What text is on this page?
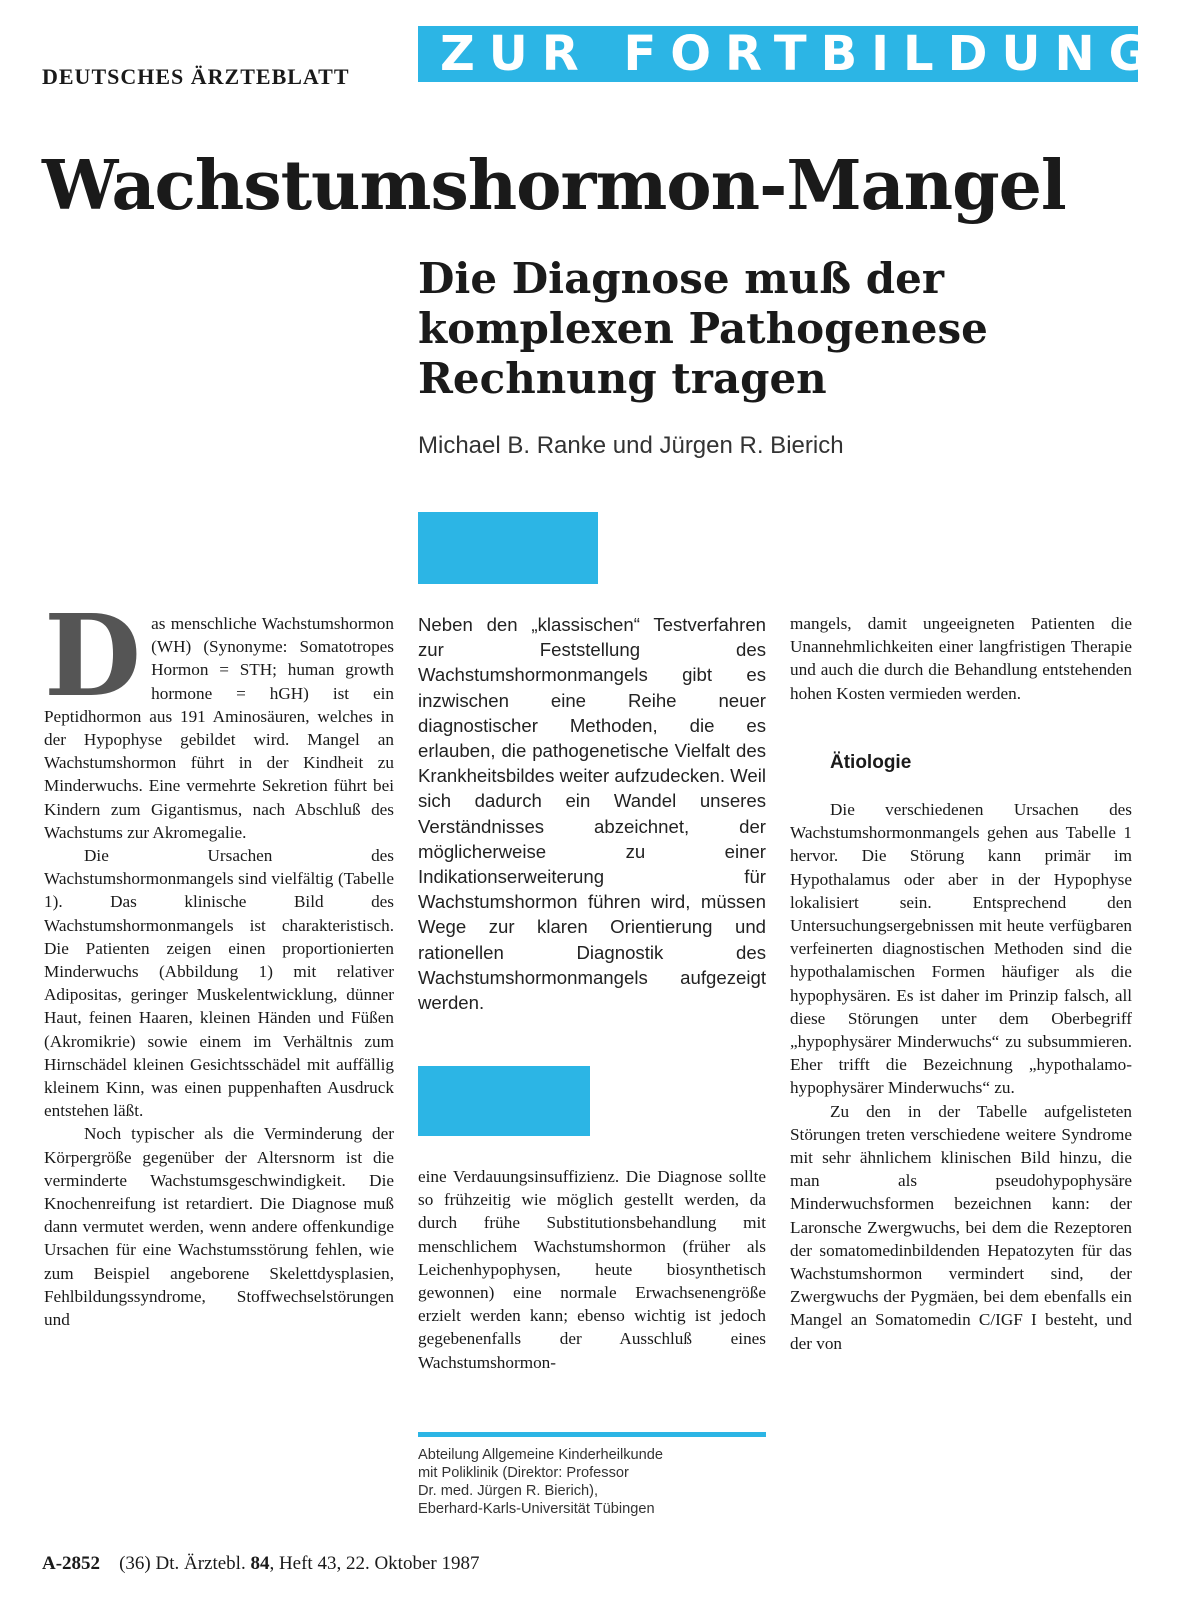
DEUTSCHES ÄRZTEBLATT ZUR FORTBILDUNG
Wachstumshormon-Mangel
Die Diagnose muß der komplexen Pathogenese Rechnung tragen
Michael B. Ranke und Jürgen R. Bierich

Das menschliche Wachstumshormon (WH) (Synonyme: Somatotropes Hormon = STH; human growth hormone = hGH) ist ein Peptidhormon aus 191 Aminosäuren, welches in der Hypophyse gebildet wird. Mangel an Wachstumshormon führt in der Kindheit zu Minderwuchs. Eine vermehrte Sekretion führt bei Kindern zum Gigantismus, nach Abschluß des Wachstums zur Akromegalie.

Die Ursachen des Wachstumshormonmangels sind vielfältig (Tabelle 1). Das klinische Bild des Wachstumshormonmangels ist charakteristisch. Die Patienten zeigen einen proportionierten Minderwuchs (Abbildung 1) mit relativer Adipositas, geringer Muskelentwicklung, dünner Haut, feinen Haaren, kleinen Händen und Füßen (Akromikrie) sowie einem im Verhältnis zum Hirnschädel kleinen Gesichtsschädel mit auffällig kleinem Kinn, was einen puppenhaften Ausdruck entstehen läßt.

Noch typischer als die Verminderung der Körpergröße gegenüber der Altersnorm ist die verminderte Wachstumsgeschwindigkeit. Die Knochenreifung ist retardiert. Die Diagnose muß dann vermutet werden, wenn andere offenkundige Ursachen für eine Wachstumsstörung fehlen, wie zum Beispiel angeborene Skelettdysplasien, Fehlbildungssyndrome, Stoffwechselstörungen und

Neben den „klassischen“ Testverfahren zur Feststellung des Wachstumshormonmangels gibt es inzwischen eine Reihe neuer diagnostischer Methoden, die es erlauben, die pathogenetische Vielfalt des Krankheitsbildes weiter aufzudecken. Weil sich dadurch ein Wandel unseres Verständnisses abzeichnet, der möglicherweise zu einer Indikationserweiterung für Wachstumshormon führen wird, müssen Wege zur klaren Orientierung und rationellen Diagnostik des Wachstumshormonmangels aufgezeigt werden.

eine Verdauungsinsuffizienz. Die Diagnose sollte so frühzeitig wie möglich gestellt werden, da durch frühe Substitutionsbehandlung mit menschlichem Wachstumshormon (früher als Leichenhypophysen, heute biosynthetisch gewonnen) eine normale Erwachsenengröße erzielt werden kann; ebenso wichtig ist jedoch gegebenenfalls der Ausschluß eines Wachstumshormon-

Abteilung Allgemeine Kinderheilkunde
mit Poliklinik (Direktor: Professor
Dr. med. Jürgen R. Bierich),
Eberhard-Karls-Universität Tübingen

mangels, damit ungeeigneten Patienten die Unannehmlichkeiten einer langfristigen Therapie und auch die durch die Behandlung entstehenden hohen Kosten vermieden werden.

Ätiologie

Die verschiedenen Ursachen des Wachstumshormonmangels gehen aus Tabelle 1 hervor. Die Störung kann primär im Hypothalamus oder aber in der Hypophyse lokalisiert sein. Entsprechend den Untersuchungsergebnissen mit heute verfügbaren verfeinerten diagnostischen Methoden sind die hypothalamischen Formen häufiger als die hypophysären. Es ist daher im Prinzip falsch, all diese Störungen unter dem Oberbegriff „hypophysärer Minderwuchs“ zu subsummieren. Eher trifft die Bezeichnung „hypothalamo-hypophysärer Minderwuchs“ zu.

Zu den in der Tabelle aufgelisteten Störungen treten verschiedene weitere Syndrome mit sehr ähnlichem klinischen Bild hinzu, die man als pseudohypophysäre Minderwuchsformen bezeichnen kann: der Laronsche Zwergwuchs, bei dem die Rezeptoren der somatomedinbildenden Hepatozyten für das Wachstumshormon vermindert sind, der Zwergwuchs der Pygmäen, bei dem ebenfalls ein Mangel an Somatomedin C/IGF I besteht, und der von

A-2852 (36) Dt. Ärztebl. 84, Heft 43, 22. Oktober 1987
